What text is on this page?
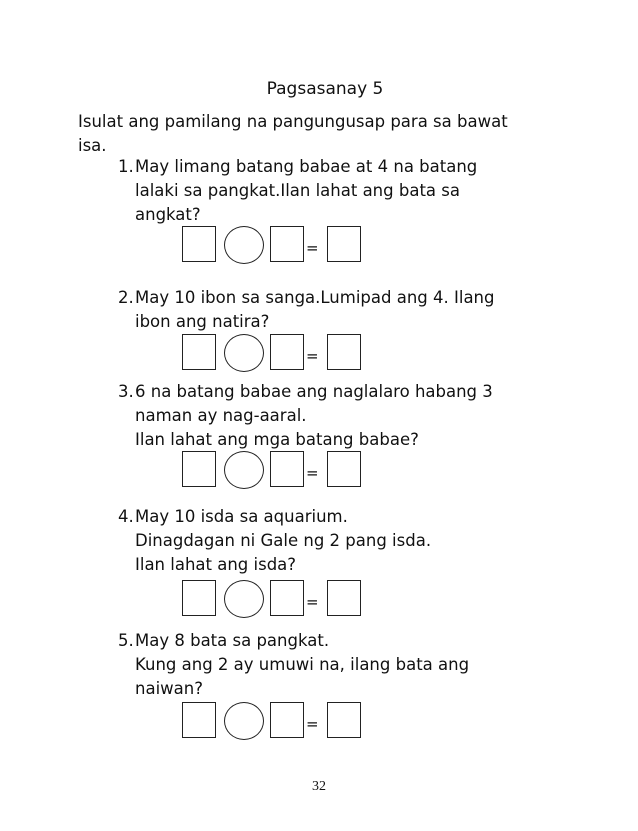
Pagsasanay 5
Isulat ang pamilang na pangungusap para sa bawat
isa.
1. May limang batang babae at 4 na batang
lalaki sa pangkat.Ilan lahat ang bata sa
angkat?
=
2. May 10 ibon sa sanga.Lumipad ang 4. Ilang
ibon ang natira?
=
3. 6 na batang babae ang naglalaro habang 3
naman ay nag-aaral.
Ilan lahat ang mga batang babae?
=
4. May 10 isda sa aquarium.
Dinagdagan ni Gale ng 2 pang isda.
Ilan lahat ang isda?
=
5. May 8 bata sa pangkat.
Kung ang 2 ay umuwi na, ilang bata ang
naiwan?
=
32
